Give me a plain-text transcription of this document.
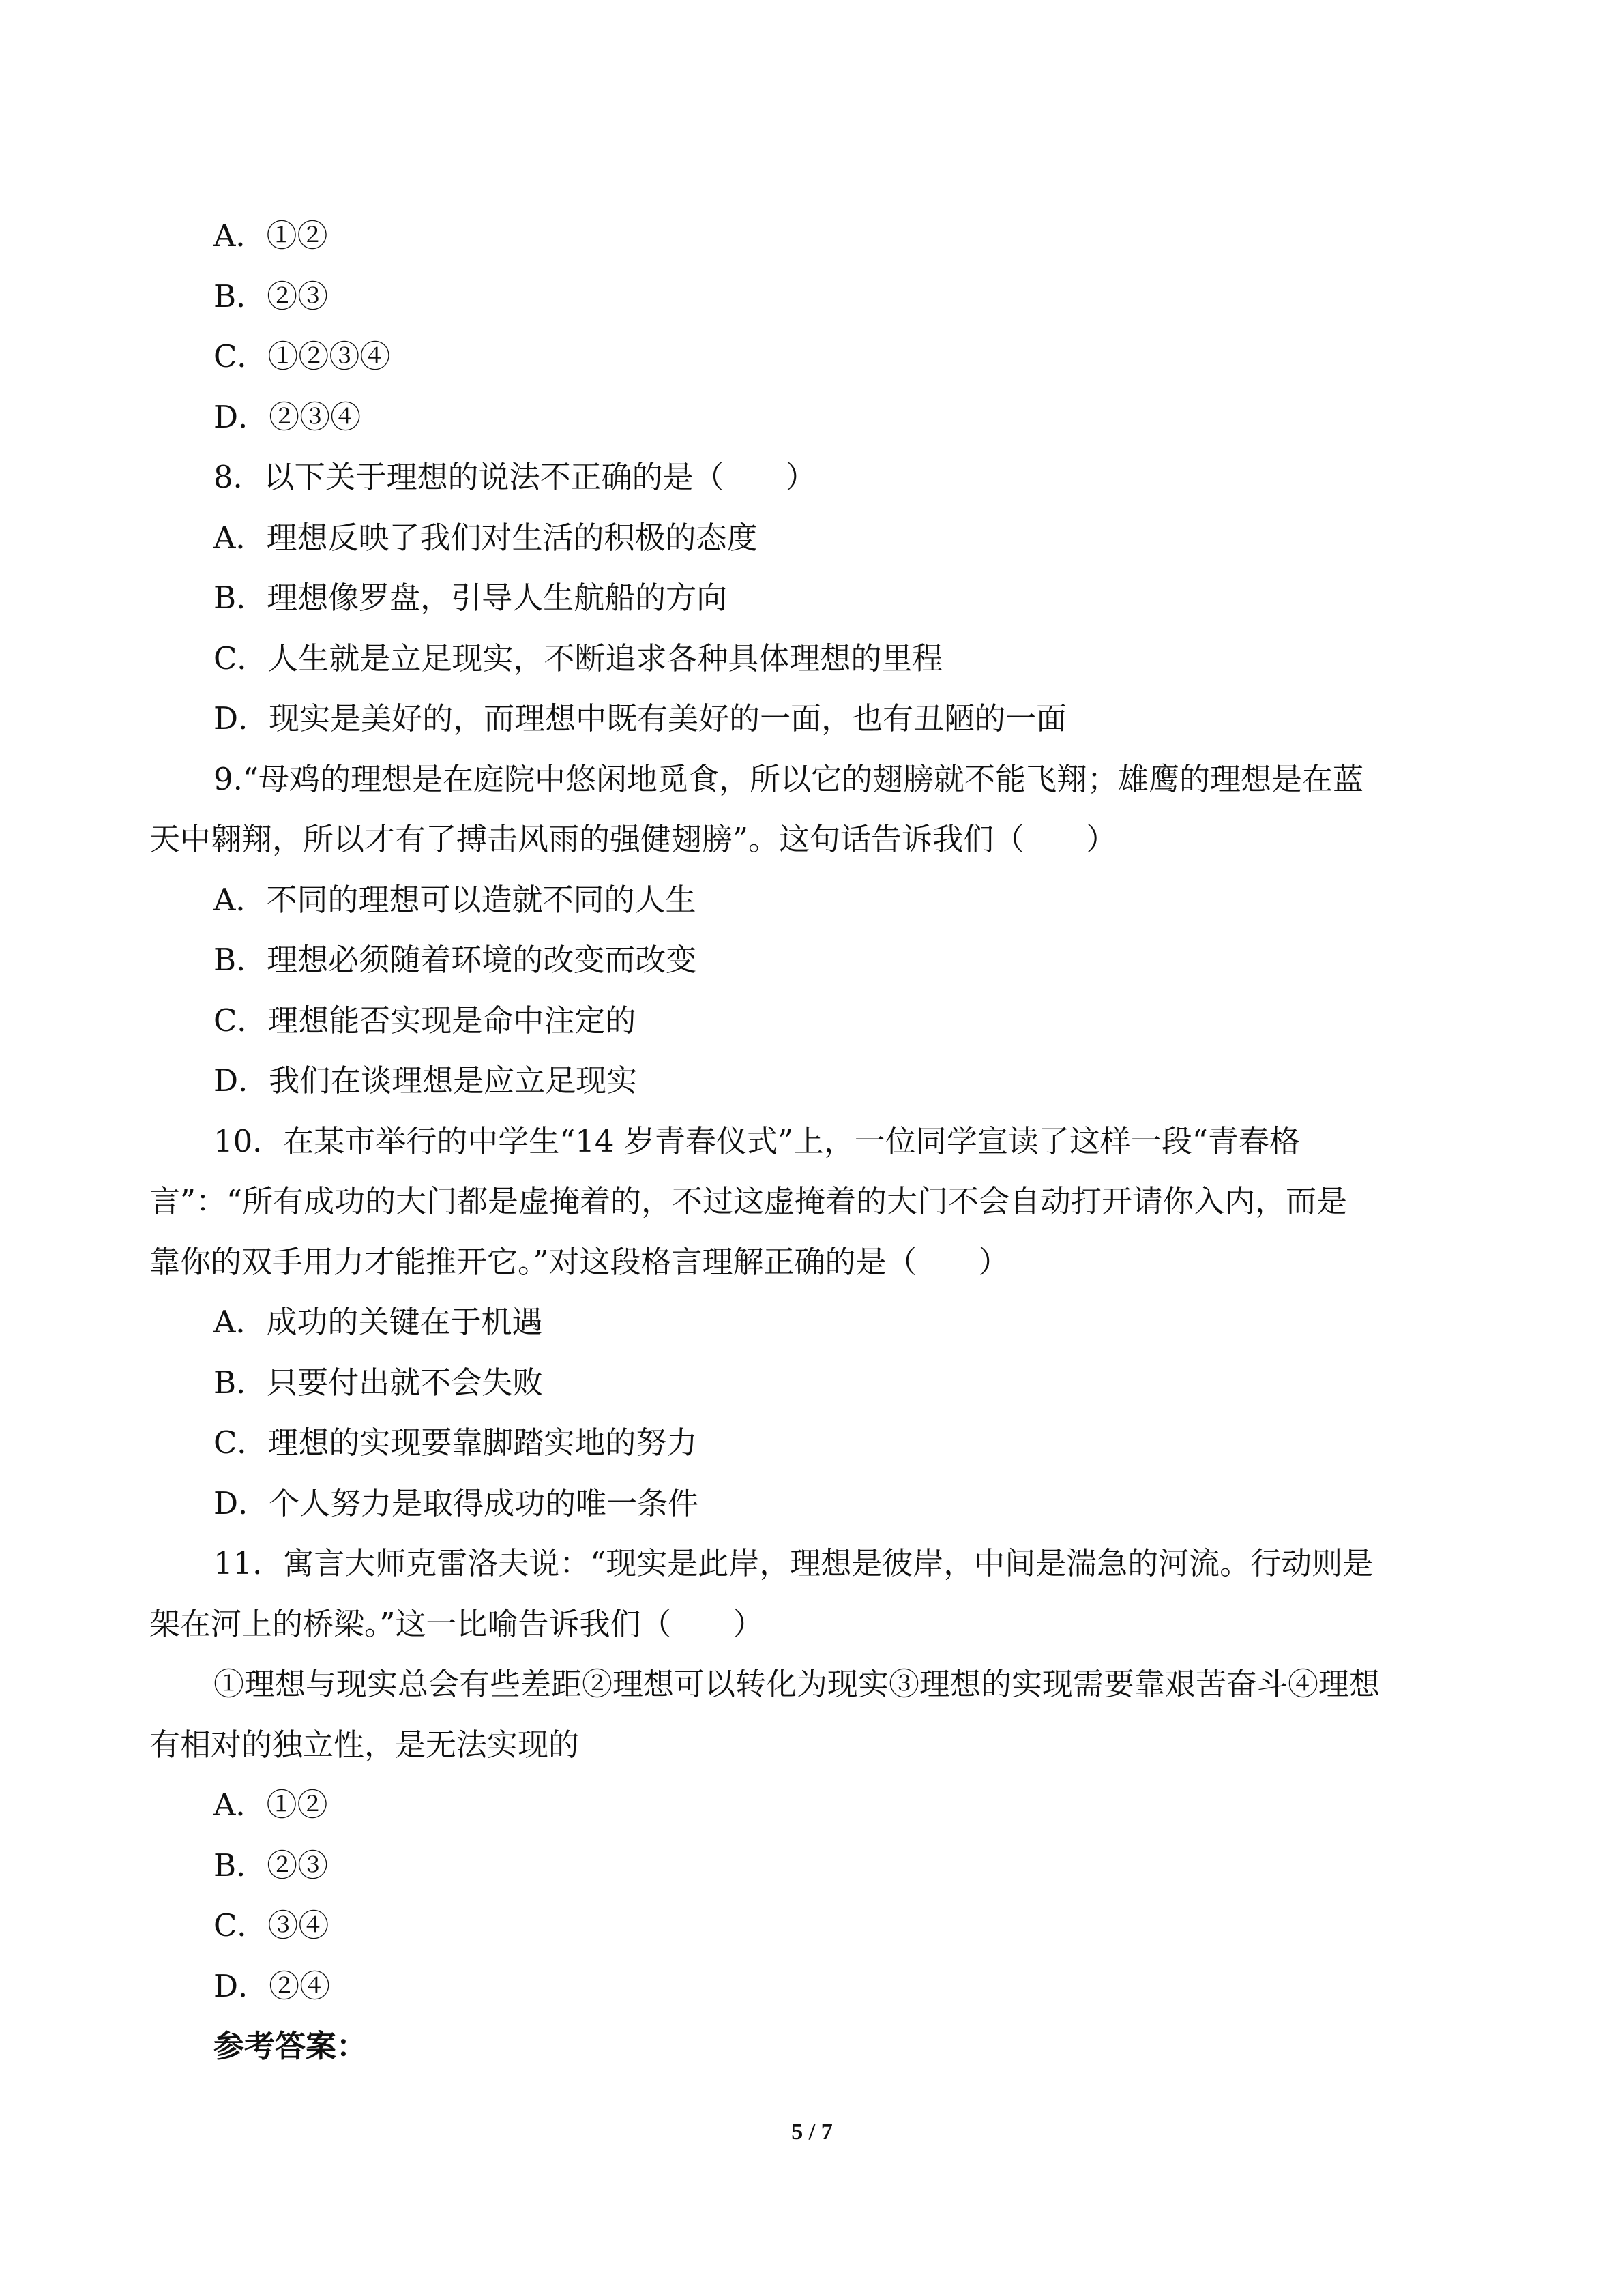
A．①②
B．②③
C．①②③④
D．②③④
8．以下关于理想的说法不正确的是（　　）
A．理想反映了我们对生活的积极的态度
B．理想像罗盘，引导人生航船的方向
C．人生就是立足现实，不断追求各种具体理想的里程
D．现实是美好的，而理想中既有美好的一面，也有丑陋的一面
9.“母鸡的理想是在庭院中悠闲地觅食，所以它的翅膀就不能飞翔；雄鹰的理想是在蓝
天中翱翔，所以才有了搏击风雨的强健翅膀”。这句话告诉我们（　　）
A．不同的理想可以造就不同的人生
B．理想必须随着环境的改变而改变
C．理想能否实现是命中注定的
D．我们在谈理想是应立足现实
10．在某市举行的中学生“14 岁青春仪式”上，一位同学宣读了这样一段“青春格
言”：“所有成功的大门都是虚掩着的，不过这虚掩着的大门不会自动打开请你入内，而是
靠你的双手用力才能推开它。”对这段格言理解正确的是（　　）
A．成功的关键在于机遇
B．只要付出就不会失败
C．理想的实现要靠脚踏实地的努力
D．个人努力是取得成功的唯一条件
11．寓言大师克雷洛夫说：“现实是此岸，理想是彼岸，中间是湍急的河流。行动则是
架在河上的桥梁。”这一比喻告诉我们（　　）
①理想与现实总会有些差距②理想可以转化为现实③理想的实现需要靠艰苦奋斗④理想
有相对的独立性，是无法实现的
A．①②
B．②③
C．③④
D．②④
参考答案：
5 / 7
